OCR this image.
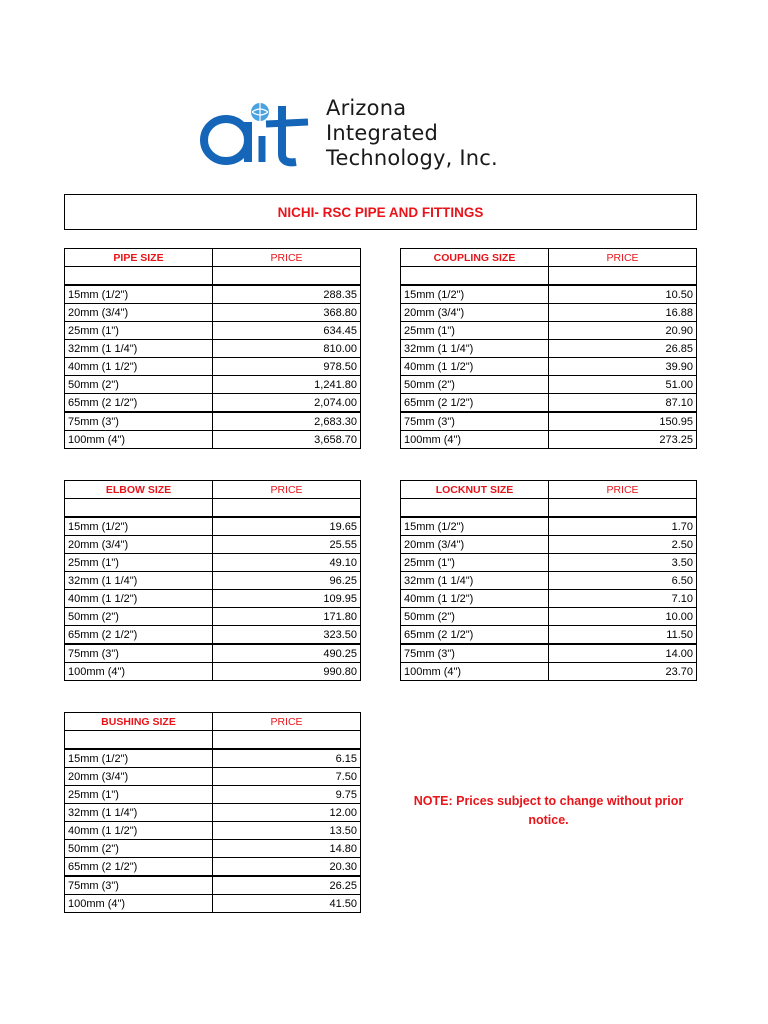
Arizona
Integrated
Technology, Inc.
NICHI- RSC PIPE AND FITTINGS
PIPE SIZE	PRICE

15mm (1/2")	288.35
20mm (3/4")	368.80
25mm (1")	634.45
32mm (1 1/4")	810.00
40mm (1 1/2")	978.50
50mm (2")	1,241.80
65mm (2 1/2")	2,074.00
75mm (3")	2,683.30
100mm (4")	3,658.70
COUPLING SIZE	PRICE

15mm (1/2")	10.50
20mm (3/4")	16.88
25mm (1")	20.90
32mm (1 1/4")	26.85
40mm (1 1/2")	39.90
50mm (2")	51.00
65mm (2 1/2")	87.10
75mm (3")	150.95
100mm (4")	273.25
ELBOW SIZE	PRICE

15mm (1/2")	19.65
20mm (3/4")	25.55
25mm (1")	49.10
32mm (1 1/4")	96.25
40mm (1 1/2")	109.95
50mm (2")	171.80
65mm (2 1/2")	323.50
75mm (3")	490.25
100mm (4")	990.80
LOCKNUT SIZE	PRICE

15mm (1/2")	1.70
20mm (3/4")	2.50
25mm (1")	3.50
32mm (1 1/4")	6.50
40mm (1 1/2")	7.10
50mm (2")	10.00
65mm (2 1/2")	11.50
75mm (3")	14.00
100mm (4")	23.70
BUSHING SIZE	PRICE

15mm (1/2")	6.15
20mm (3/4")	7.50
25mm (1")	9.75
32mm (1 1/4")	12.00
40mm (1 1/2")	13.50
50mm (2")	14.80
65mm (2 1/2")	20.30
75mm (3")	26.25
100mm (4")	41.50
NOTE: Prices subject to change without prior notice.
